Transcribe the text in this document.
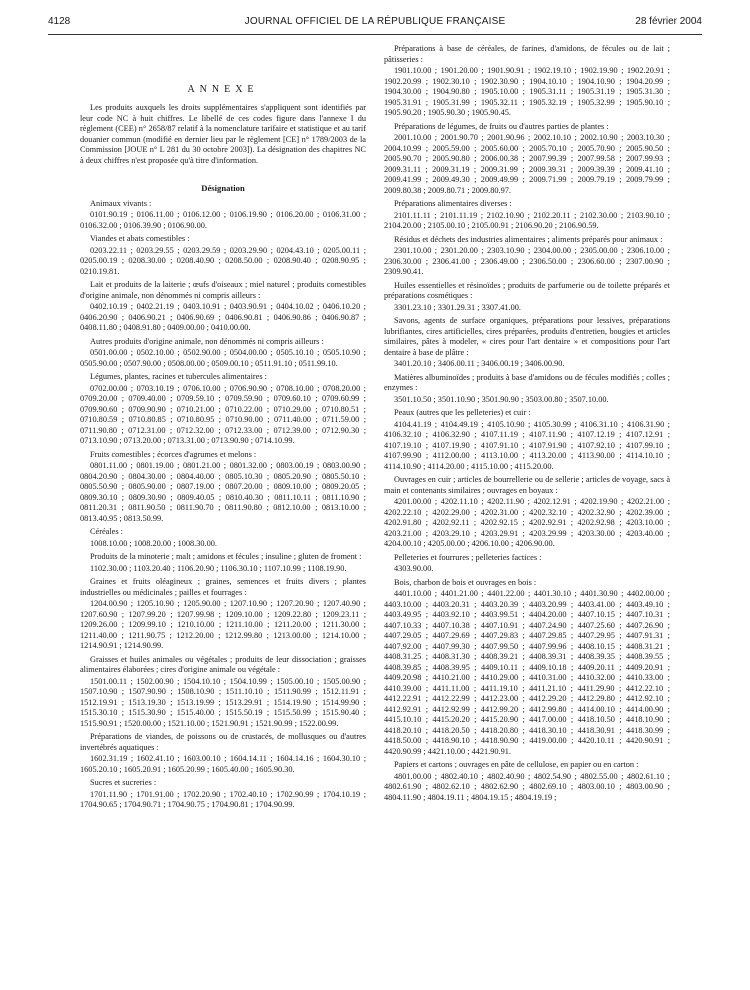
4128	JOURNAL OFFICIEL DE LA RÉPUBLIQUE FRANÇAISE	28 février 2004
ANNEXE

Les produits auxquels les droits supplémentaires s'appliquent sont identifiés par leur code NC à huit chiffres. Le libellé de ces codes figure dans l'annexe I du règlement (CEE) n° 2658/87 relatif à la nomenclature tarifaire et statistique et au tarif douanier commun (modifié en dernier lieu par le règlement [CE] n° 1789/2003 de la Commission [JOUE n° L 281 du 30 octobre 2003]). La désignation des chapitres NC à deux chiffres n'est proposée qu'à titre d'information.

Désignation

Animaux vivants :

0101.90.19 ; 0106.11.00 ; 0106.12.00 ; 0106.19.90 ; 0106.20.00 ; 0106.31.00 ; 0106.32.00 ; 0106.39.90 ; 0106.90.00.

Viandes et abats comestibles :

0203.22.11 ; 0203.29.55 ; 0203.29.59 ; 0203.29.90 ; 0204.43.10 ; 0205.00.11 ; 0205.00.19 ; 0208.30.00 ; 0208.40.90 ; 0208.50.00 ; 0208.90.40 ; 0208.90.95 ; 0210.19.81.

Lait et produits de la laiterie ; œufs d'oiseaux ; miel naturel ; produits comestibles d'origine animale, non dénommés ni compris ailleurs :

0402.10.19 ; 0402.21.19 ; 0403.10.91 ; 0403.90.91 ; 0404.10.02 ; 0406.10.20 ; 0406.20.90 ; 0406.90.21 ; 0406.90.69 ; 0406.90.81 ; 0406.90.86 ; 0406.90.87 ; 0408.11.80 ; 0408.91.80 ; 0409.00.00 ; 0410.00.00.

Autres produits d'origine animale, non dénommés ni compris ailleurs :

0501.00.00 ; 0502.10.00 ; 0502.90.00 ; 0504.00.00 ; 0505.10.10 ; 0505.10.90 ; 0505.90.00 ; 0507.90.00 ; 0508.00.00 ; 0509.00.10 ; 0511.91.10 ; 0511.99.10.

Légumes, plantes, racines et tubercules alimentaires :

0702.00.00 ; 0703.10.19 ; 0706.10.00 ; 0706.90.90 ; 0708.10.00 ; 0708.20.00 ; 0709.20.00 ; 0709.40.00 ; 0709.59.10 ; 0709.59.90 ; 0709.60.10 ; 0709.60.99 ; 0709.90.60 ; 0709.90.90 ; 0710.21.00 ; 0710.22.00 ; 0710.29.00 ; 0710.80.51 ; 0710.80.59 ; 0710.80.85 ; 0710.80.95 ; 0710.90.00 ; 0711.40.00 ; 0711.59.00 ; 0711.90.80 ; 0712.31.00 ; 0712.32.00 ; 0712.33.00 ; 0712.39.00 ; 0712.90.30 ; 0713.10.90 ; 0713.20.00 ; 0713.31.00 ; 0713.90.90 ; 0714.10.99.

Fruits comestibles ; écorces d'agrumes et melons :

0801.11.00 ; 0801.19.00 ; 0801.21.00 ; 0801.32.00 ; 0803.00.19 ; 0803.00.90 ; 0804.20.90 ; 0804.30.00 ; 0804.40.00 ; 0805.10.30 ; 0805.20.90 ; 0805.50.10 ; 0805.50.90 ; 0805.90.00 ; 0807.19.00 ; 0807.20.00 ; 0809.10.00 ; 0809.20.05 ; 0809.30.10 ; 0809.30.90 ; 0809.40.05 ; 0810.40.30 ; 0811.10.11 ; 0811.10.90 ; 0811.20.31 ; 0811.90.50 ; 0811.90.70 ; 0811.90.80 ; 0812.10.00 ; 0813.10.00 ; 0813.40.95 ; 0813.50.99.

Céréales :

1008.10.00 ; 1008.20.00 ; 1008.30.00.

Produits de la minoterie ; malt ; amidons et fécules ; insuline ; gluten de froment :

1102.30.00 ; 1103.20.40 ; 1106.20.90 ; 1106.30.10 ; 1107.10.99 ; 1108.19.90.

Graines et fruits oléagineux ; graines, semences et fruits divers ; plantes industrielles ou médicinales ; pailles et fourrages :

1204.00.90 ; 1205.10.90 ; 1205.90.00 ; 1207.10.90 ; 1207.20.90 ; 1207.40.90 ; 1207.60.90 ; 1207.99.20 ; 1207.99.98 ; 1209.10.00 ; 1209.22.80 ; 1209.23.11 ; 1209.26.00 ; 1209.99.10 ; 1210.10.00 ; 1211.10.00 ; 1211.20.00 ; 1211.30.00 ; 1211.40.00 ; 1211.90.75 ; 1212.20.00 ; 1212.99.80 ; 1213.00.00 ; 1214.10.00 ; 1214.90.91 ; 1214.90.99.

Graisses et huiles animales ou végétales ; produits de leur dissociation ; graisses alimentaires élaborées ; cires d'origine animale ou végétale :

1501.00.11 ; 1502.00.90 ; 1504.10.10 ; 1504.10.99 ; 1505.00.10 ; 1505.00.90 ; 1507.10.90 ; 1507.90.90 ; 1508.10.90 ; 1511.10.10 ; 1511.90.99 ; 1512.11.91 ; 1512.19.91 ; 1513.19.30 ; 1513.19.99 ; 1513.29.91 ; 1514.19.90 ; 1514.99.90 ; 1515.30.10 ; 1515.30.90 ; 1515.40.00 ; 1515.50.19 ; 1515.50.99 ; 1515.90.40 ; 1515.90.91 ; 1520.00.00 ; 1521.10.00 ; 1521.90.91 ; 1521.90.99 ; 1522.00.99.

Préparations de viandes, de poissons ou de crustacés, de mollusques ou d'autres invertébrés aquatiques :

1602.31.19 ; 1602.41.10 ; 1603.00.10 ; 1604.14.11 ; 1604.14.16 ; 1604.30.10 ; 1605.20.10 ; 1605.20.91 ; 1605.20.99 ; 1605.40.00 ; 1605.90.30.

Sucres et sucreries :

1701.11.90 ; 1701.91.00 ; 1702.20.90 ; 1702.40.10 ; 1702.90.99 ; 1704.10.19 ; 1704.90.65 ; 1704.90.71 ; 1704.90.75 ; 1704.90.81 ; 1704.90.99.

Préparations à base de céréales, de farines, d'amidons, de fécules ou de lait ; pâtisseries :

1901.10.00 ; 1901.20.00 ; 1901.90.91 ; 1902.19.10 ; 1902.19.90 ; 1902.20.91 ; 1902.20.99 ; 1902.30.10 ; 1902.30.90 ; 1904.10.10 ; 1904.10.90 ; 1904.20.99 ; 1904.30.00 ; 1904.90.80 ; 1905.10.00 ; 1905.31.11 ; 1905.31.19 ; 1905.31.30 ; 1905.31.91 ; 1905.31.99 ; 1905.32.11 ; 1905.32.19 ; 1905.32.99 ; 1905.90.10 ; 1905.90.20 ; 1905.90.30 ; 1905.90.45.

Préparations de légumes, de fruits ou d'autres parties de plantes :

2001.10.00 ; 2001.90.70 ; 2001.90.96 ; 2002.10.10 ; 2002.10.90 ; 2003.10.30 ; 2004.10.99 ; 2005.59.00 ; 2005.60.00 ; 2005.70.10 ; 2005.70.90 ; 2005.90.50 ; 2005.90.70 ; 2005.90.80 ; 2006.00.38 ; 2007.99.39 ; 2007.99.58 ; 2007.99.93 ; 2009.31.11 ; 2009.31.19 ; 2009.31.99 ; 2009.39.31 ; 2009.39.39 ; 2009.41.10 ; 2009.41.99 ; 2009.49.30 ; 2009.49.99 ; 2009.71.99 ; 2009.79.19 ; 2009.79.99 ; 2009.80.38 ; 2009.80.71 ; 2009.80.97.

Préparations alimentaires diverses :

2101.11.11 ; 2101.11.19 ; 2102.10.90 ; 2102.20.11 ; 2102.30.00 ; 2103.90.10 ; 2104.20.00 ; 2105.00.10 ; 2105.00.91 ; 2106.90.20 ; 2106.90.59.

Résidus et déchets des industries alimentaires ; aliments préparés pour animaux :

2301.10.00 ; 2301.20.00 ; 2303.10.90 ; 2304.00.00 ; 2305.00.00 ; 2306.10.00 ; 2306.30.00 ; 2306.41.00 ; 2306.49.00 ; 2306.50.00 ; 2306.60.00 ; 2307.00.90 ; 2309.90.41.

Huiles essentielles et résinoïdes ; produits de parfumerie ou de toilette préparés et préparations cosmétiques :

3301.23.10 ; 3301.29.31 ; 3307.41.00.

Savons, agents de surface organiques, préparations pour lessives, préparations lubrifiantes, cires artificielles, cires préparées, produits d'entretien, bougies et articles similaires, pâtes à modeler, « cires pour l'art dentaire » et compositions pour l'art dentaire à base de plâtre :

3401.20.10 ; 3406.00.11 ; 3406.00.19 ; 3406.00.90.

Matières albuminoïdes ; produits à base d'amidons ou de fécules modifiés ; colles ; enzymes :

3501.10.50 ; 3501.10.90 ; 3501.90.90 ; 3503.00.80 ; 3507.10.00.

Peaux (autres que les pelleteries) et cuir :

4104.41.19 ; 4104.49.19 ; 4105.10.90 ; 4105.30.99 ; 4106.31.10 ; 4106.31.90 ; 4106.32.10 ; 4106.32.90 ; 4107.11.19 ; 4107.11.90 ; 4107.12.19 ; 4107.12.91 ; 4107.19.10 ; 4107.19.90 ; 4107.91.10 ; 4107.91.90 ; 4107.92.10 ; 4107.99.10 ; 4107.99.90 ; 4112.00.00 ; 4113.10.00 ; 4113.20.00 ; 4113.90.00 ; 4114.10.10 ; 4114.10.90 ; 4114.20.00 ; 4115.10.00 ; 4115.20.00.

Ouvrages en cuir ; articles de bourrellerie ou de sellerie ; articles de voyage, sacs à main et contenants similaires ; ouvrages en boyaux :

4201.00.00 ; 4202.11.10 ; 4202.11.90 ; 4202.12.91 ; 4202.19.90 ; 4202.21.00 ; 4202.22.10 ; 4202.29.00 ; 4202.31.00 ; 4202.32.10 ; 4202.32.90 ; 4202.39.00 ; 4202.91.80 ; 4202.92.11 ; 4202.92.15 ; 4202.92.91 ; 4202.92.98 ; 4203.10.00 ; 4203.21.00 ; 4203.29.10 ; 4203.29.91 ; 4203.29.99 ; 4203.30.00 ; 4203.40.00 ; 4204.00.10 ; 4205.00.00 ; 4206.10.00 ; 4206.90.00.

Pelleteries et fourrures ; pelleteries factices :

4303.90.00.

Bois, charbon de bois et ouvrages en bois :

4401.10.00 ; 4401.21.00 ; 4401.22.00 ; 4401.30.10 ; 4401.30.90 ; 4402.00.00 ; 4403.10.00 ; 4403.20.31 ; 4403.20.39 ; 4403.20.99 ; 4403.41.00 ; 4403.49.10 ; 4403.49.95 ; 4403.92.10 ; 4403.99.51 ; 4404.20.00 ; 4407.10.15 ; 4407.10.31 ; 4407.10.33 ; 4407.10.38 ; 4407.10.91 ; 4407.24.90 ; 4407.25.60 ; 4407.26.90 ; 4407.29.05 ; 4407.29.69 ; 4407.29.83 ; 4407.29.85 ; 4407.29.95 ; 4407.91.31 ; 4407.92.00 ; 4407.99.30 ; 4407.99.50 ; 4407.99.96 ; 4408.10.15 ; 4408.31.21 ; 4408.31.25 ; 4408.31.30 ; 4408.39.21 ; 4408.39.31 ; 4408.39.35 ; 4408.39.55 ; 4408.39.85 ; 4408.39.95 ; 4409.10.11 ; 4409.10.18 ; 4409.20.11 ; 4409.20.91 ; 4409.20.98 ; 4410.21.00 ; 4410.29.00 ; 4410.31.00 ; 4410.32.00 ; 4410.33.00 ; 4410.39.00 ; 4411.11.00 ; 4411.19.10 ; 4411.21.10 ; 4411.29.90 ; 4412.22.10 ; 4412.22.91 ; 4412.22.99 ; 4412.23.00 ; 4412.29.20 ; 4412.29.80 ; 4412.92.10 ; 4412.92.91 ; 4412.92.99 ; 4412.99.20 ; 4412.99.80 ; 4414.00.10 ; 4414.00.90 ; 4415.10.10 ; 4415.20.20 ; 4415.20.90 ; 4417.00.00 ; 4418.10.50 ; 4418.10.90 ; 4418.20.10 ; 4418.20.50 ; 4418.20.80 ; 4418.30.10 ; 4418.30.91 ; 4418.30.99 ; 4418.50.00 ; 4418.90.10 ; 4418.90.90 ; 4419.00.00 ; 4420.10.11 ; 4420.90.91 ; 4420.90.99 ; 4421.10.00 ; 4421.90.91.

Papiers et cartons ; ouvrages en pâte de cellulose, en papier ou en carton :

4801.00.00 ; 4802.40.10 ; 4802.40.90 ; 4802.54.90 ; 4802.55.00 ; 4802.61.10 ; 4802.61.90 ; 4802.62.10 ; 4802.62.90 ; 4802.69.10 ; 4803.00.10 ; 4803.00.90 ; 4804.11.90 ; 4804.19.11 ; 4804.19.15 ; 4804.19.19 ;
